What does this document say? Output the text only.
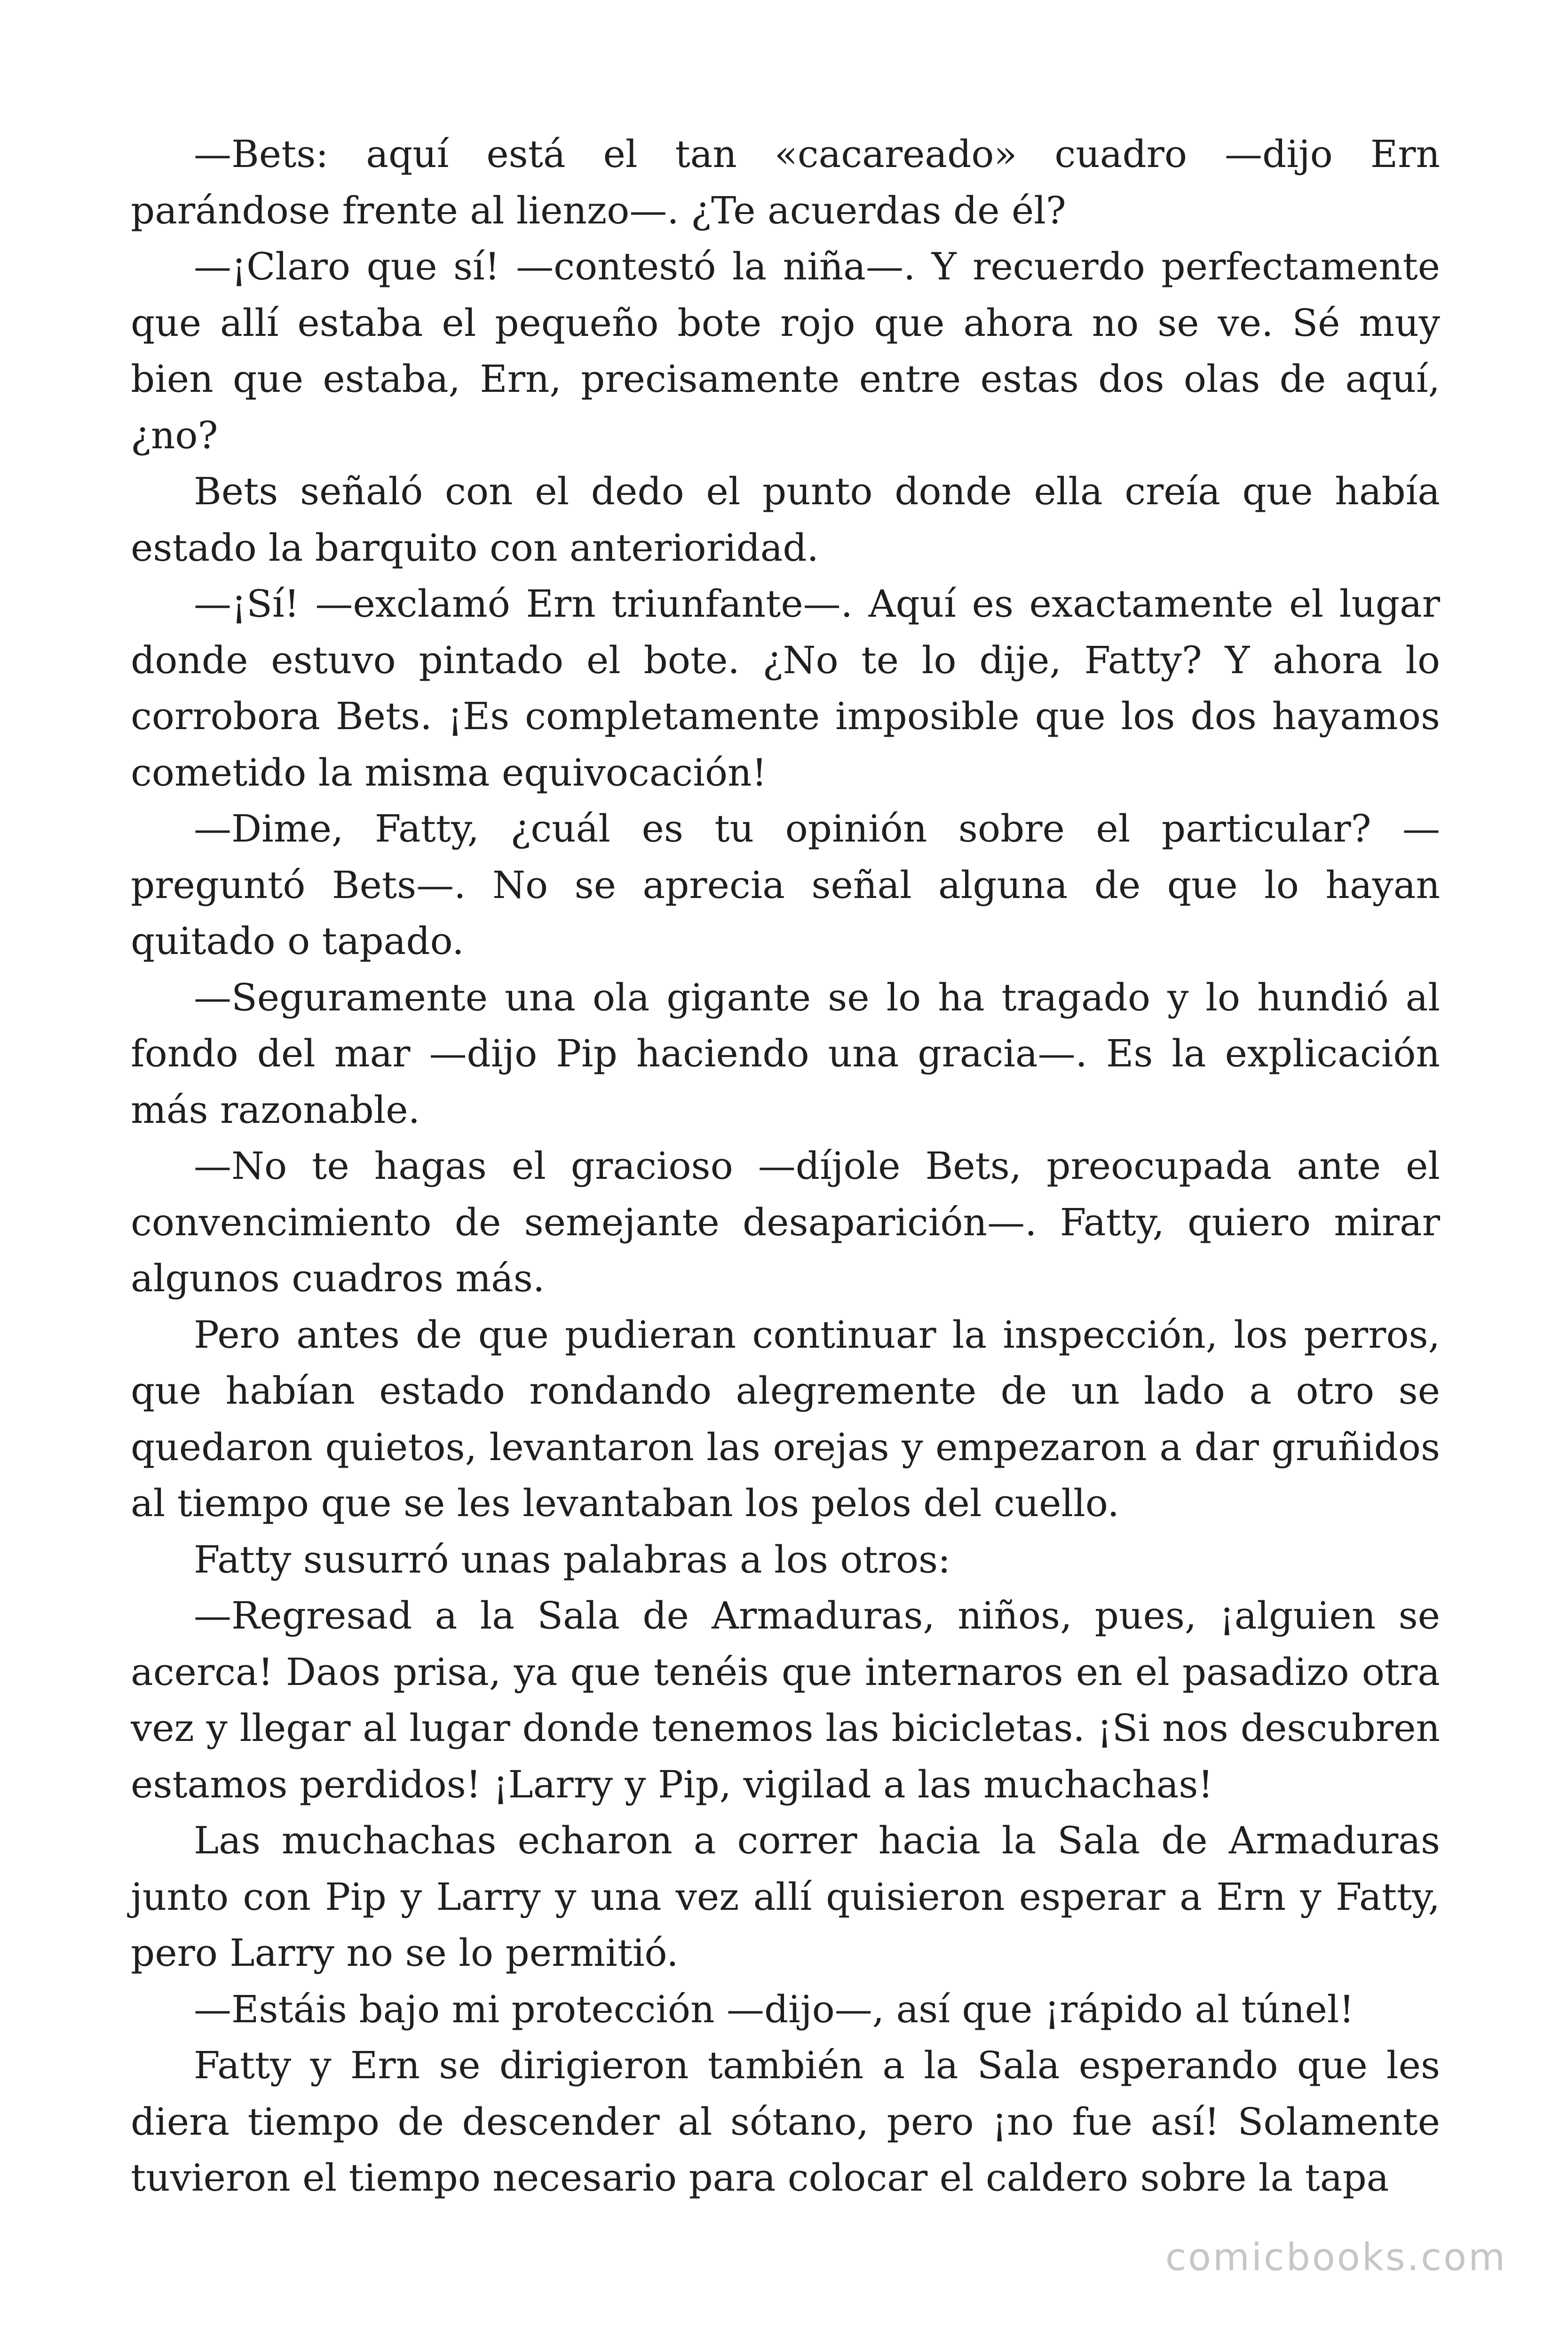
—Bets: aquí está el tan «cacareado» cuadro —dijo Ern parándose frente al lienzo—. ¿Te acuerdas de él?

—¡Claro que sí! —contestó la niña—. Y recuerdo perfectamente que allí estaba el pequeño bote rojo que ahora no se ve. Sé muy bien que estaba, Ern, precisamente entre estas dos olas de aquí, ¿no?

Bets señaló con el dedo el punto donde ella creía que había estado la barquito con anterioridad.

—¡Sí! —exclamó Ern triunfante—. Aquí es exactamente el lugar donde estuvo pintado el bote. ¿No te lo dije, Fatty? Y ahora lo corrobora Bets. ¡Es completamente imposible que los dos hayamos cometido la misma equivocación!

—Dime, Fatty, ¿cuál es tu opinión sobre el particular? —preguntó Bets—. No se aprecia señal alguna de que lo hayan quitado o tapado.

—Seguramente una ola gigante se lo ha tragado y lo hundió al fondo del mar —dijo Pip haciendo una gracia—. Es la explicación más razonable.

—No te hagas el gracioso —díjole Bets, preocupada ante el convencimiento de semejante desaparición—. Fatty, quiero mirar algunos cuadros más.

Pero antes de que pudieran continuar la inspección, los perros, que habían estado rondando alegremente de un lado a otro se quedaron quietos, levantaron las orejas y empezaron a dar gruñidos al tiempo que se les levantaban los pelos del cuello.

Fatty susurró unas palabras a los otros:

—Regresad a la Sala de Armaduras, niños, pues, ¡alguien se acerca! Daos prisa, ya que tenéis que internaros en el pasadizo otra vez y llegar al lugar donde tenemos las bicicletas. ¡Si nos descubren estamos perdidos! ¡Larry y Pip, vigilad a las muchachas!

Las muchachas echaron a correr hacia la Sala de Armaduras junto con Pip y Larry y una vez allí quisieron esperar a Ern y Fatty, pero Larry no se lo permitió.

—Estáis bajo mi protección —dijo—, así que ¡rápido al túnel!

Fatty y Ern se dirigieron también a la Sala esperando que les diera tiempo de descender al sótano, pero ¡no fue así! Solamente tuvieron el tiempo necesario para colocar el caldero sobre la tapa

comicbooks.com
